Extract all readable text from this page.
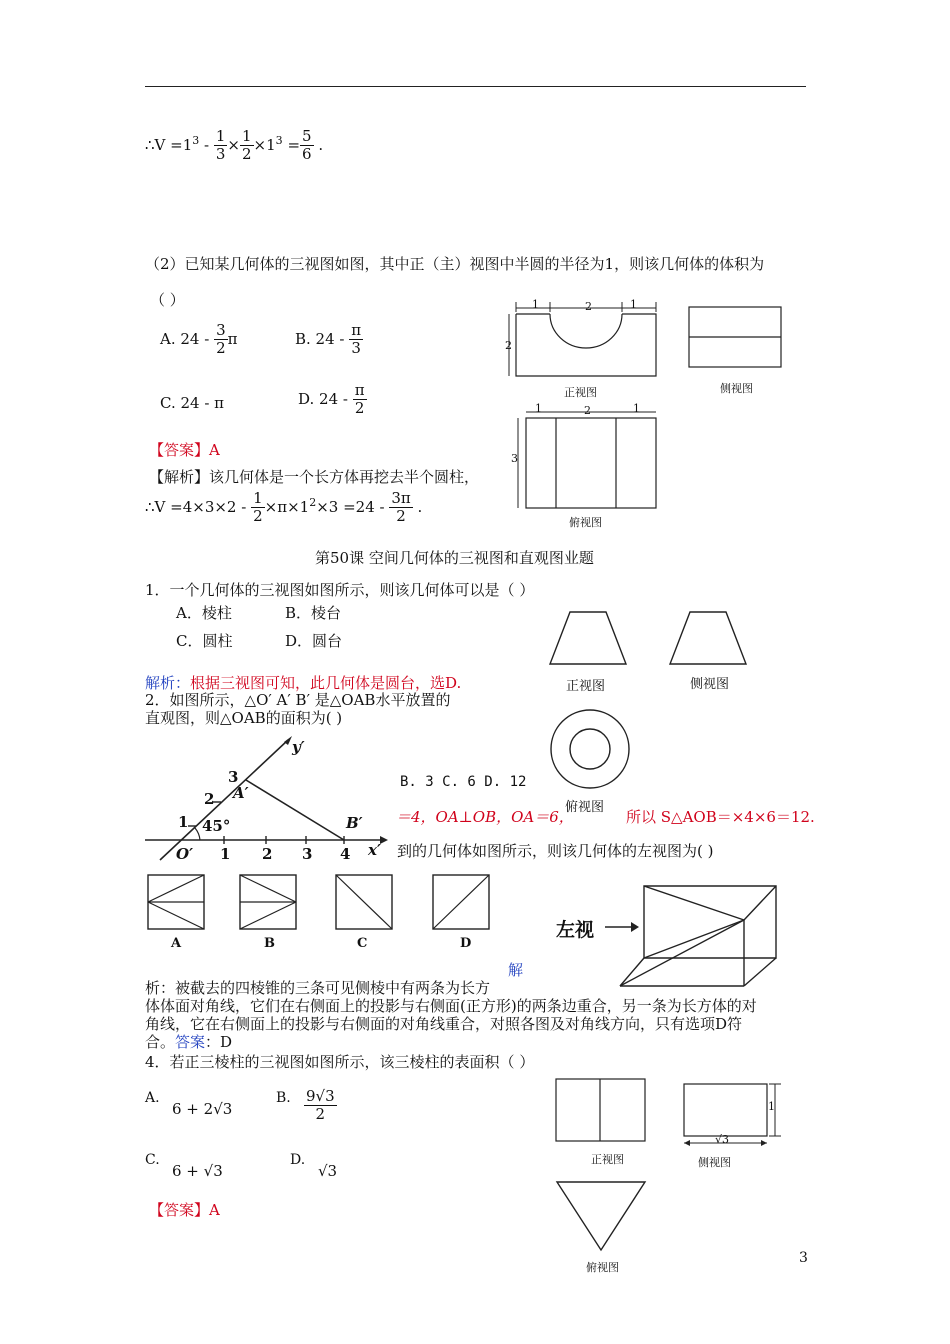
∴V $=1^3 - \frac{1}{3} \times \frac{1}{2} \times 1^3 = \frac{5}{6}$ .
（2）已知某几何体的三视图如图，其中正（主）视图中半圆的半径为1，则该几何体的体积为
（ ）
A. $24 - \frac{3}{2}$ π	B. $24 - \frac{\pi}{3}$
C. 24 - π	D. $24 - \frac{\pi}{2}$
【答案】A
【解析】该几何体是一个长方体再挖去半个圆柱，
∴V $=4\times 3\times 2 - \frac{1}{2} \times\pi\times 1^2\times 3 =24 - \frac{3\pi}{2}$ .
1	2	1
2
正视图	侧视图
1	2	1
3
俯视图
第50课 空间几何体的三视图和直观图业题
1．一个几何体的三视图如图所示，则该几何体可以是（ ）
A．棱柱	B．棱台
C．圆柱	D．圆台
解析：根据三视图可知，此几何体是圆台，选D.	正视图	侧视图
俯视图
2．如图所示，△O′ A′ B′ 是△OAB水平放置的
直观图，则△OAB的面积为( )
y′
x′
O′
A′
B′
45°
1 2 3 4
1
2
3	B. 3 C. 6 D. 12
＝4，OA⊥OB，OA＝6，	所以 S△AOB＝×4×6＝12.
到的几何体如图所示，则该几何体的左视图为( )
A	B	C	D
左视
解
析：被截去的四棱锥的三条可见侧棱中有两条为长方
体体面对角线，它们在右侧面上的投影与右侧面(正方形)的两条边重合，另一条为长方体的对
角线，它在右侧面上的投影与右侧面的对角线重合，对照各图及对角线方向，只有选项D符
合。答案：D
4．若正三棱柱的三视图如图所示，该三棱柱的表面积（ ）
A.
6 + 2√3
B. $\frac{9√3}{2}$
C.
6 + √3
D.
√3
【答案】A
正视图
1
√3
侧视图
俯视图
3
